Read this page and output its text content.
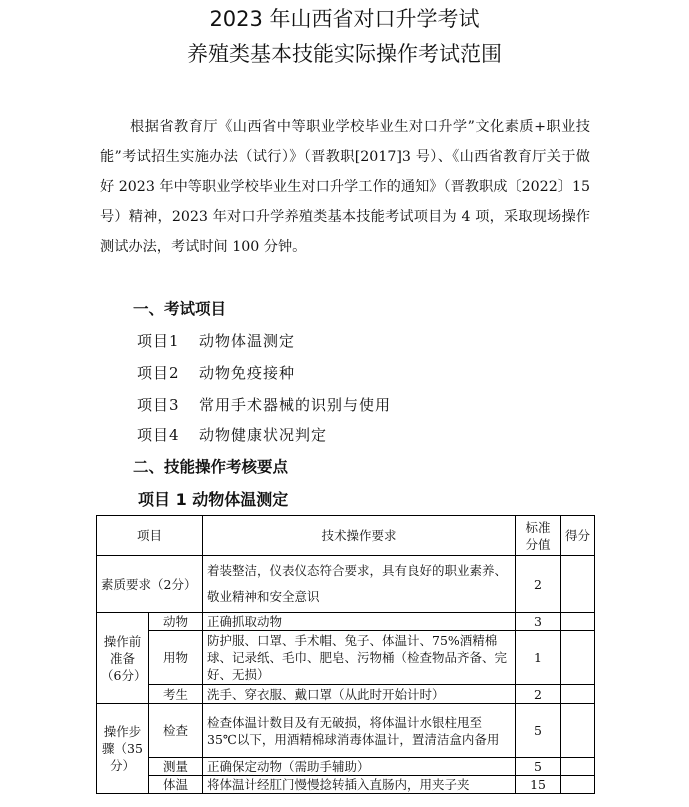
2023 年山西省对口升学考试
养殖类基本技能实际操作考试范围
根据省教育厅《山西省中等职业学校毕业生对口升学”文化素质+职业技能”考试招生实施办法（试行）》（晋教职[2017]3 号）、《山西省教育厅关于做好 2023 年中等职业学校毕业生对口升学工作的通知》（晋教职成〔2022〕15 号）精神，2023 年对口升学养殖类基本技能考试项目为 4 项，采取现场操作测试办法，考试时间 100 分钟。
一、考试项目
项目1 动物体温测定
项目2 动物免疫接种
项目3 常用手术器械的识别与使用
项目4 动物健康状况判定
二、技能操作考核要点
项目 1 动物体温测定
项目		技术操作要求	标准分值	得分
素质要求（2分）		着装整洁，仪表仪态符合要求，具有良好的职业素养、敬业精神和安全意识	2	
操作前准备（6分）	动物	正确抓取动物	3	
	用物	防护服、口罩、手术帽、兔子、体温计、75%酒精棉球、记录纸、毛巾、肥皂、污物桶（检查物品齐备、完好、无损）	1	
	考生	洗手、穿衣服、戴口罩（从此时开始计时）	2	
操作步骤（35分）	检查	检查体温计数目及有无破损，将体温计水银柱甩至 35℃以下，用酒精棉球消毒体温计，置清洁盒内备用	5	
	测量	正确保定动物（需助手辅助）	5	
	体温	将体温计经肛门慢慢捻转插入直肠内，用夹子夹	15	
